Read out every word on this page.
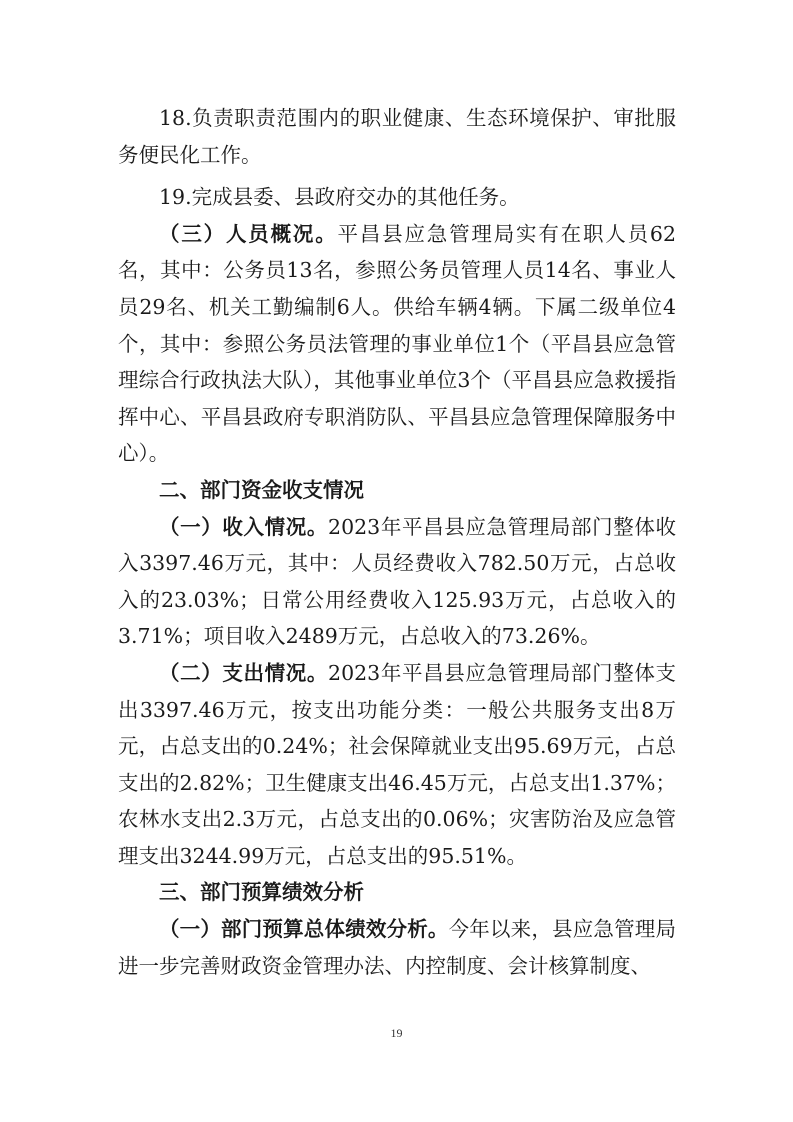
18.负责职责范围内的职业健康、生态环境保护、审批服务便民化工作。

19.完成县委、县政府交办的其他任务。

（三）人员概况。平昌县应急管理局实有在职人员62名，其中：公务员13名，参照公务员管理人员14名、事业人员29名、机关工勤编制6人。供给车辆4辆。下属二级单位4个，其中：参照公务员法管理的事业单位1个（平昌县应急管理综合行政执法大队），其他事业单位3个（平昌县应急救援指挥中心、平昌县政府专职消防队、平昌县应急管理保障服务中心）。

二、部门资金收支情况

（一）收入情况。2023年平昌县应急管理局部门整体收入3397.46万元，其中：人员经费收入782.50万元，占总收入的23.03%；日常公用经费收入125.93万元，占总收入的3.71%；项目收入2489万元，占总收入的73.26%。

（二）支出情况。2023年平昌县应急管理局部门整体支出3397.46万元，按支出功能分类：一般公共服务支出8万元，占总支出的0.24%；社会保障就业支出95.69万元，占总支出的2.82%；卫生健康支出46.45万元，占总支出1.37%；农林水支出2.3万元，占总支出的0.06%；灾害防治及应急管理支出3244.99万元，占总支出的95.51%。

三、部门预算绩效分析

（一）部门预算总体绩效分析。今年以来，县应急管理局进一步完善财政资金管理办法、内控制度、会计核算制度、

19
